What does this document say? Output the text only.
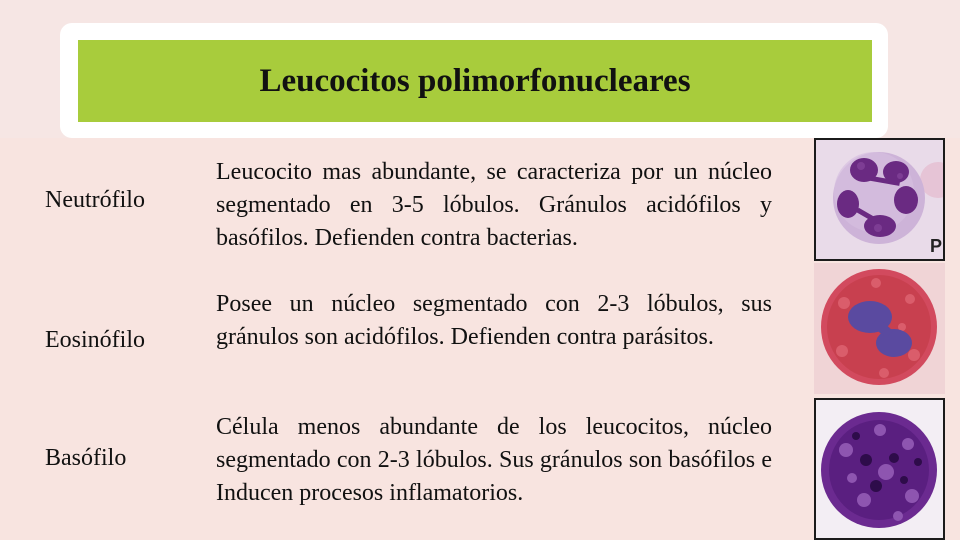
Leucocitos polimorfonucleares
Neutrófilo
Leucocito mas abundante, se caracteriza por un núcleo segmentado en 3-5 lóbulos. Gránulos acidófilos y basófilos. Defienden contra bacterias.
Eosinófilo
Posee un núcleo segmentado con 2-3 lóbulos, sus gránulos son acidófilos. Defienden contra parásitos.
Basófilo
Célula menos abundante de los leucocitos, núcleo segmentado con 2-3 lóbulos. Sus gránulos son basófilos e Inducen procesos inflamatorios.
P
